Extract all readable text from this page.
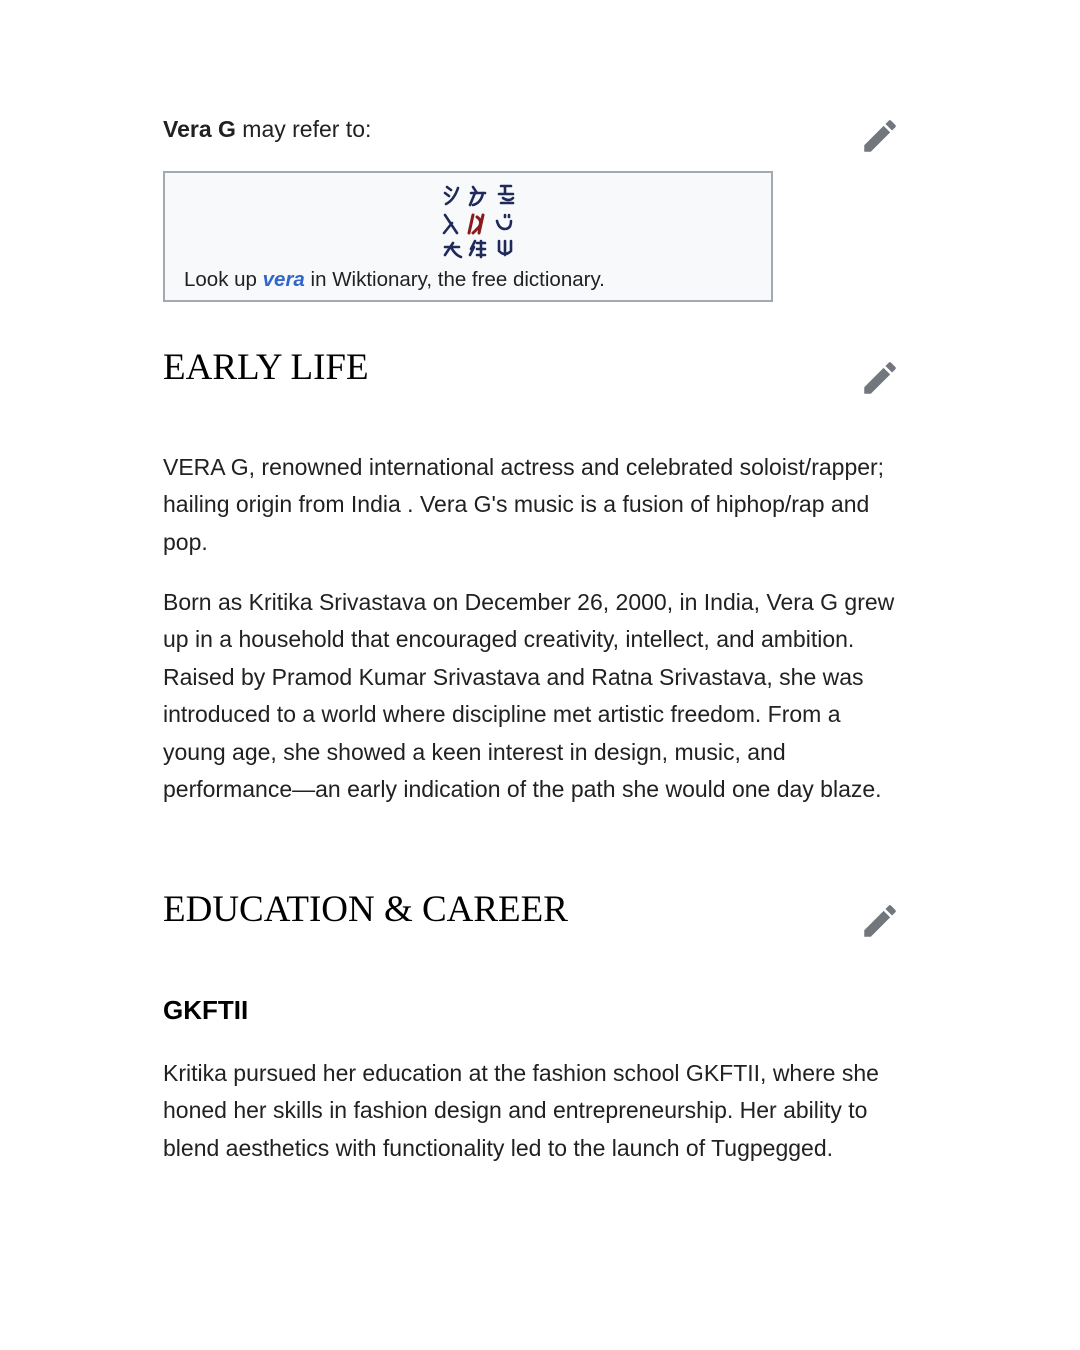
Vera G may refer to:
Look up vera in Wiktionary, the free dictionary.
EARLY LIFE

VERA G, renowned international actress and celebrated soloist/rapper; hailing origin from India . Vera G's music is a fusion of hiphop/rap and pop.

Born as Kritika Srivastava on December 26, 2000, in India, Vera G grew up in a household that encouraged creativity, intellect, and ambition. Raised by Pramod Kumar Srivastava and Ratna Srivastava, she was introduced to a world where discipline met artistic freedom. From a young age, she showed a keen interest in design, music, and performance—an early indication of the path she would one day blaze.

EDUCATION & CAREER
GKFTII

Kritika pursued her education at the fashion school GKFTII, where she honed her skills in fashion design and entrepreneurship. Her ability to blend aesthetics with functionality led to the launch of Tugpegged.
